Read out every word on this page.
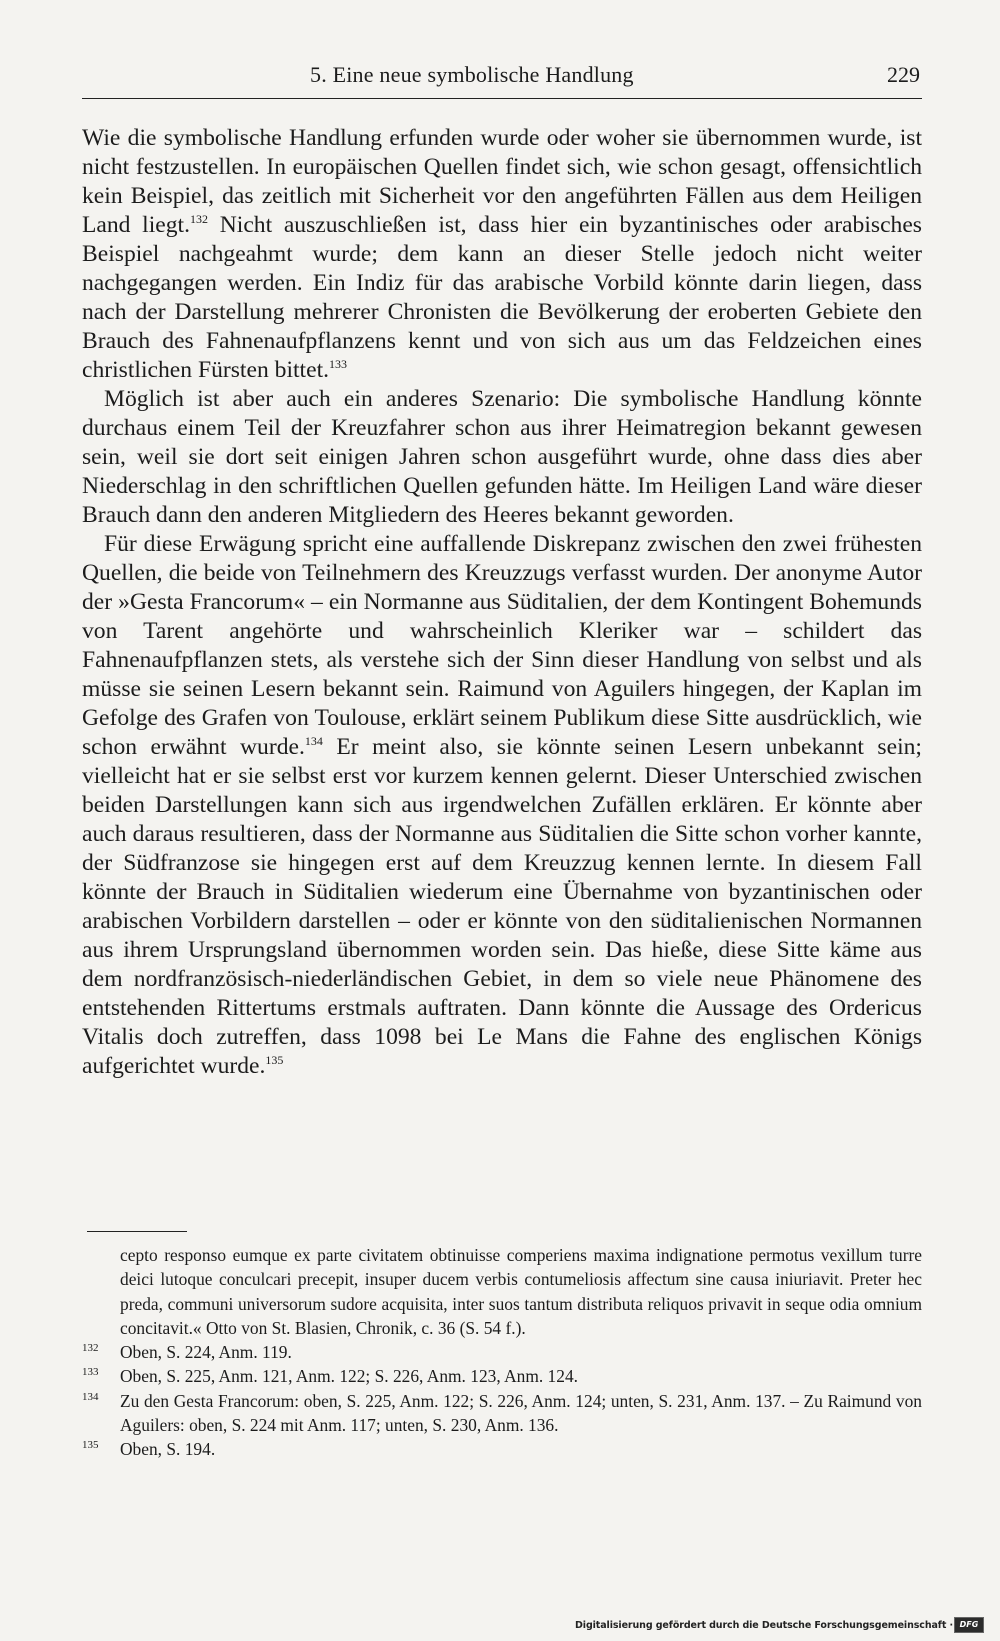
5. Eine neue symbolische Handlung	229

Wie die symbolische Handlung erfunden wurde oder woher sie übernommen wurde, ist nicht festzustellen. In europäischen Quellen findet sich, wie schon gesagt, offensichtlich kein Beispiel, das zeitlich mit Sicherheit vor den angeführten Fällen aus dem Heiligen Land liegt.$^{132}$ Nicht auszuschließen ist, dass hier ein byzantinisches oder arabisches Beispiel nachgeahmt wurde; dem kann an dieser Stelle jedoch nicht weiter nachgegangen werden. Ein Indiz für das arabische Vorbild könnte darin liegen, dass nach der Darstellung mehrerer Chronisten die Bevölkerung der eroberten Gebiete den Brauch des Fahnenaufpflanzens kennt und von sich aus um das Feldzeichen eines christlichen Fürsten bittet.$^{133}$

Möglich ist aber auch ein anderes Szenario: Die symbolische Handlung könnte durchaus einem Teil der Kreuzfahrer schon aus ihrer Heimatregion bekannt gewesen sein, weil sie dort seit einigen Jahren schon ausgeführt wurde, ohne dass dies aber Niederschlag in den schriftlichen Quellen gefunden hätte. Im Heiligen Land wäre dieser Brauch dann den anderen Mitgliedern des Heeres bekannt geworden.

Für diese Erwägung spricht eine auffallende Diskrepanz zwischen den zwei frühesten Quellen, die beide von Teilnehmern des Kreuzzugs verfasst wurden. Der anonyme Autor der »Gesta Francorum« – ein Normanne aus Süditalien, der dem Kontingent Bohemunds von Tarent angehörte und wahrscheinlich Kleriker war – schildert das Fahnenaufpflanzen stets, als verstehe sich der Sinn dieser Handlung von selbst und als müsse sie seinen Lesern bekannt sein. Raimund von Aguilers hingegen, der Kaplan im Gefolge des Grafen von Toulouse, erklärt seinem Publikum diese Sitte ausdrücklich, wie schon erwähnt wurde.$^{134}$ Er meint also, sie könnte seinen Lesern unbekannt sein; vielleicht hat er sie selbst erst vor kurzem kennen gelernt. Dieser Unterschied zwischen beiden Darstellungen kann sich aus irgendwelchen Zufällen erklären. Er könnte aber auch daraus resultieren, dass der Normanne aus Süditalien die Sitte schon vorher kannte, der Südfranzose sie hingegen erst auf dem Kreuzzug kennen lernte. In diesem Fall könnte der Brauch in Süditalien wiederum eine Übernahme von byzantinischen oder arabischen Vorbildern darstellen – oder er könnte von den süditalienischen Normannen aus ihrem Ursprungsland übernommen worden sein. Das hieße, diese Sitte käme aus dem nordfranzösisch-niederländischen Gebiet, in dem so viele neue Phänomene des entstehenden Rittertums erstmals auftraten. Dann könnte die Aussage des Ordericus Vitalis doch zutreffen, dass 1098 bei Le Mans die Fahne des englischen Königs aufgerichtet wurde.$^{135}$

cepto responso eumque ex parte civitatem obtinuisse comperiens maxima indignatione permotus vexillum turre deici lutoque conculcari precepit, insuper ducem verbis contumeliosis affectum sine causa iniuriavit. Preter hec preda, communi universorum sudore acquisita, inter suos tantum distributa reliquos privavit in seque odia omnium concitavit.« Otto von St. Blasien, Chronik, c. 36 (S. 54 f.).

132 Oben, S. 224, Anm. 119.
133 Oben, S. 225, Anm. 121, Anm. 122; S. 226, Anm. 123, Anm. 124.
134 Zu den Gesta Francorum: oben, S. 225, Anm. 122; S. 226, Anm. 124; unten, S. 231, Anm. 137. – Zu Raimund von Aguilers: oben, S. 224 mit Anm. 117; unten, S. 230, Anm. 136.
135 Oben, S. 194.
Digitalisierung gefördert durch die Deutsche Forschungsgemeinschaft · DFG
